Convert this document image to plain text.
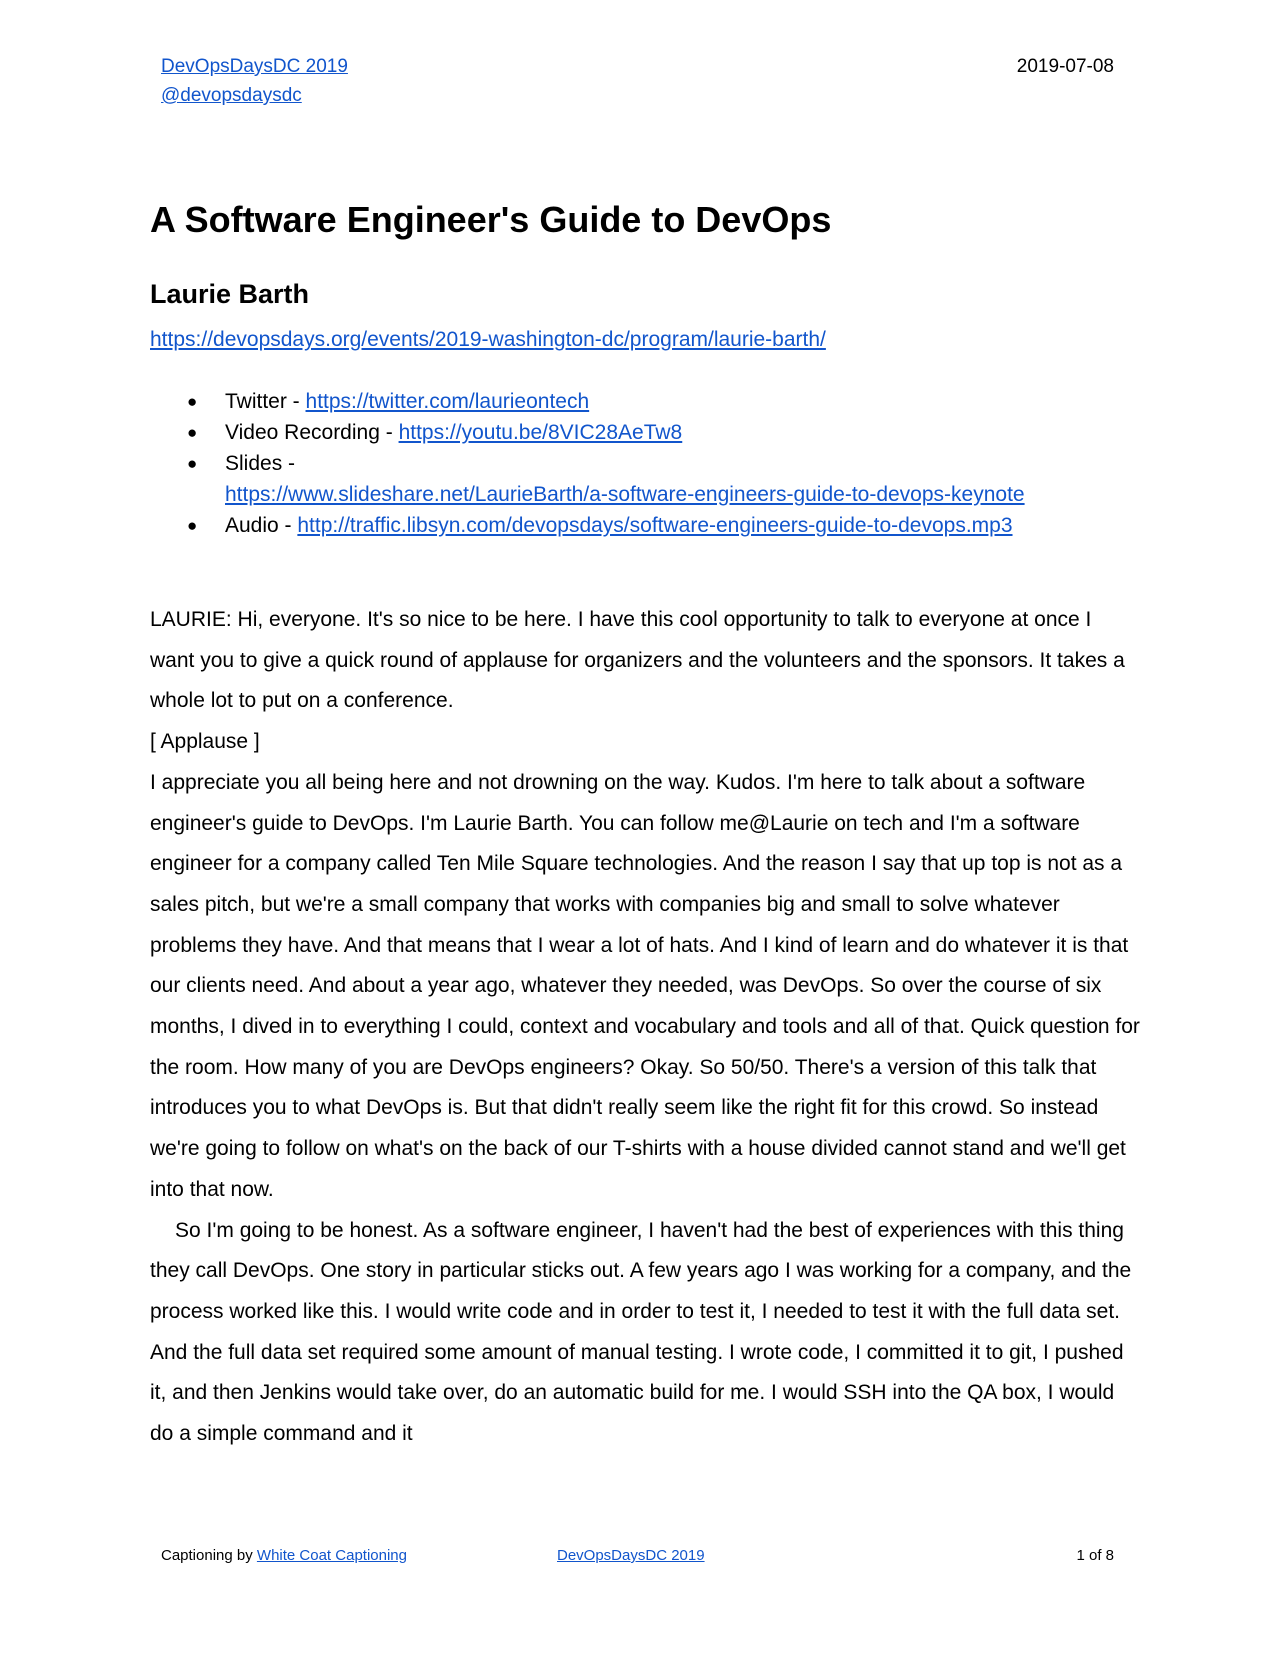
DevOpsDaysDC 2019
@devopsdaysdc
2019-07-08
A Software Engineer's Guide to DevOps
Laurie Barth
https://devopsdays.org/events/2019-washington-dc/program/laurie-barth/
● Twitter - https://twitter.com/laurieontech
● Video Recording - https://youtu.be/8VIC28AeTw8
● Slides -
https://www.slideshare.net/LaurieBarth/a-software-engineers-guide-to-devops-keynote
● Audio - http://traffic.libsyn.com/devopsdays/software-engineers-guide-to-devops.mp3

LAURIE: Hi, everyone. It's so nice to be here. I have this cool opportunity to talk to everyone at once I want you to give a quick round of applause for organizers and the volunteers and the sponsors. It takes a whole lot to put on a conference.

[ Applause ]

I appreciate you all being here and not drowning on the way. Kudos. I'm here to talk about a software engineer's guide to DevOps. I'm Laurie Barth. You can follow me@Laurie on tech and I'm a software engineer for a company called Ten Mile Square technologies. And the reason I say that up top is not as a sales pitch, but we're a small company that works with companies big and small to solve whatever problems they have. And that means that I wear a lot of hats. And I kind of learn and do whatever it is that our clients need. And about a year ago, whatever they needed, was DevOps. So over the course of six months, I dived in to everything I could, context and vocabulary and tools and all of that. Quick question for the room. How many of you are DevOps engineers? Okay. So 50/50. There's a version of this talk that introduces you to what DevOps is. But that didn't really seem like the right fit for this crowd. So instead we're going to follow on what's on the back of our T-shirts with a house divided cannot stand and we'll get into that now.

So I'm going to be honest. As a software engineer, I haven't had the best of experiences with this thing they call DevOps. One story in particular sticks out. A few years ago I was working for a company, and the process worked like this. I would write code and in order to test it, I needed to test it with the full data set. And the full data set required some amount of manual testing. I wrote code, I committed it to git, I pushed it, and then Jenkins would take over, do an automatic build for me. I would SSH into the QA box, I would do a simple command and it

Captioning by White Coat Captioning	DevOpsDaysDC 2019	1 of 8
